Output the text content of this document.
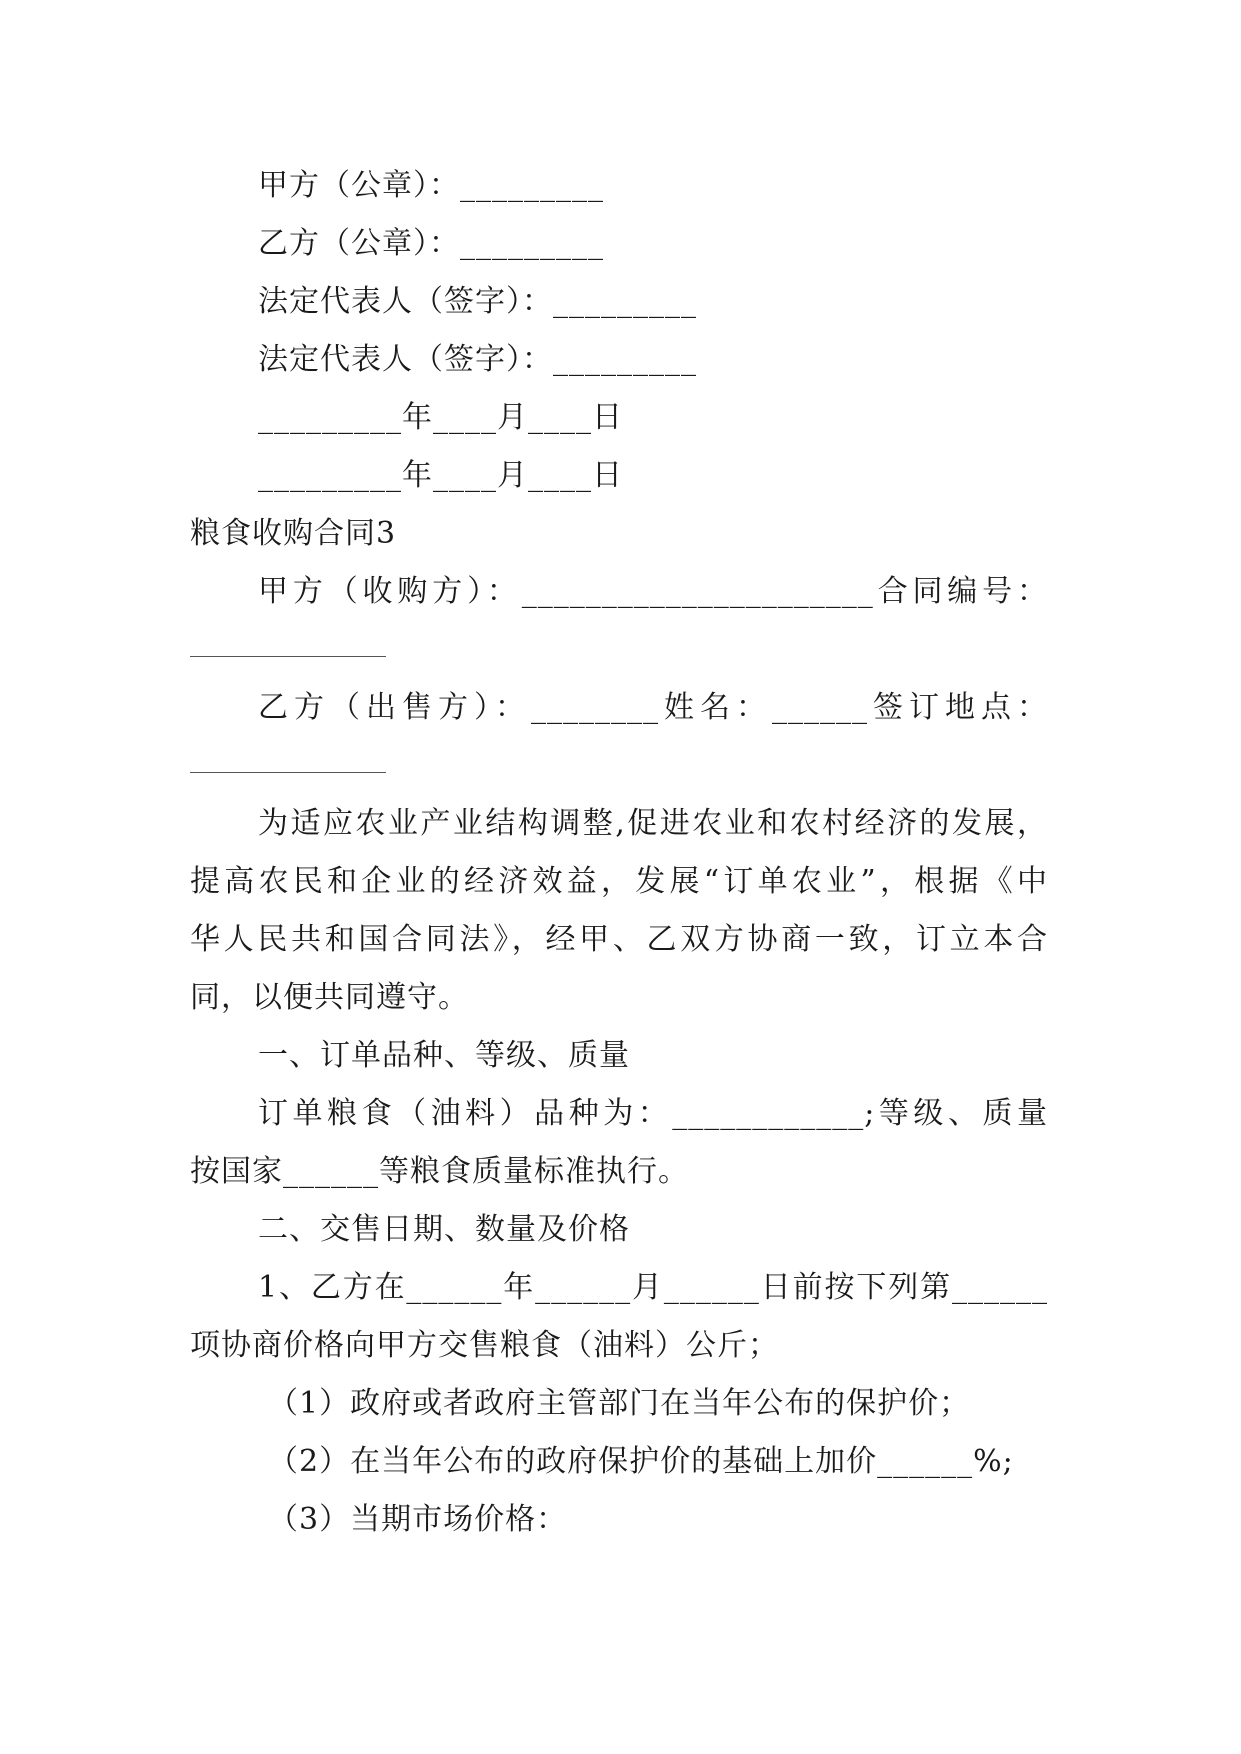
甲方（公章）：_________
乙方（公章）：_________
法定代表人（签字）：_________
法定代表人（签字）：_________
_________年____月____日
_________年____月____日
粮食收购合同3
甲方（收购方）：______________________合同编号：
乙方（出售方）：________姓名：______签订地点：
为适应农业产业结构调整,促进农业和农村经济的发展，
提高农民和企业的经济效益，发展“订单农业”，根据《中
华人民共和国合同法》，经甲、乙双方协商一致，订立本合
同，以便共同遵守。
一、订单品种、等级、质量
订单粮食（油料）品种为：____________;等级、质量
按国家______等粮食质量标准执行。
二、交售日期、数量及价格
1、乙方在______年______月______日前按下列第______
项协商价格向甲方交售粮食（油料）公斤；
（1）政府或者政府主管部门在当年公布的保护价；
（2）在当年公布的政府保护价的基础上加价______%;
（3）当期市场价格：
